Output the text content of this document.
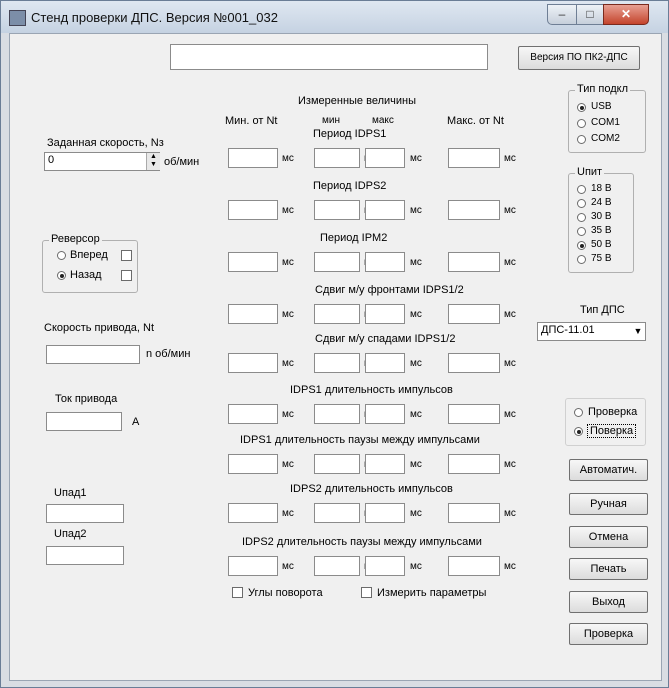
Стенд проверки ДПС. Версия №001_032	–	□	✕
Версия ПО ПК2-ДПС
Заданная скорость, Nз
0	▲
▼ об/мин
Реверсор
Вперед
Назад
Скорость привода, Nt
n об/мин
Ток привода
А
Uпад1
Uпад2
Измеренные величины
Мин. от Nt	мин	макс	Макс. от Nt
Период IDPS1
мс	мс	мс
Период IDPS2
мс	мс	мс
Период IPM2
мс	мс	мс
Сдвиг м/у фронтами IDPS1/2
мс	мс	мс
Сдвиг м/у спадами IDPS1/2
мс	мс	мс
IDPS1 длительность импульсов
мс	мс	мс
IDPS1 длительность паузы между импульсами
мс	мс	мс
IDPS2 длительность импульсов
мс	мс	мс
IDPS2 длительность паузы между импульсами
мс	мс	мс
Углы поворота	Измерить параметры
Тип подкл
USB
COM1
COM2
Uпит
18 В
24 В
30 В
35 В
50 В
75 В
Тип ДПС
ДПС-11.01	▼
Проверка
Поверка
Автоматич.
Ручная
Отмена
Печать
Выход
Проверка
